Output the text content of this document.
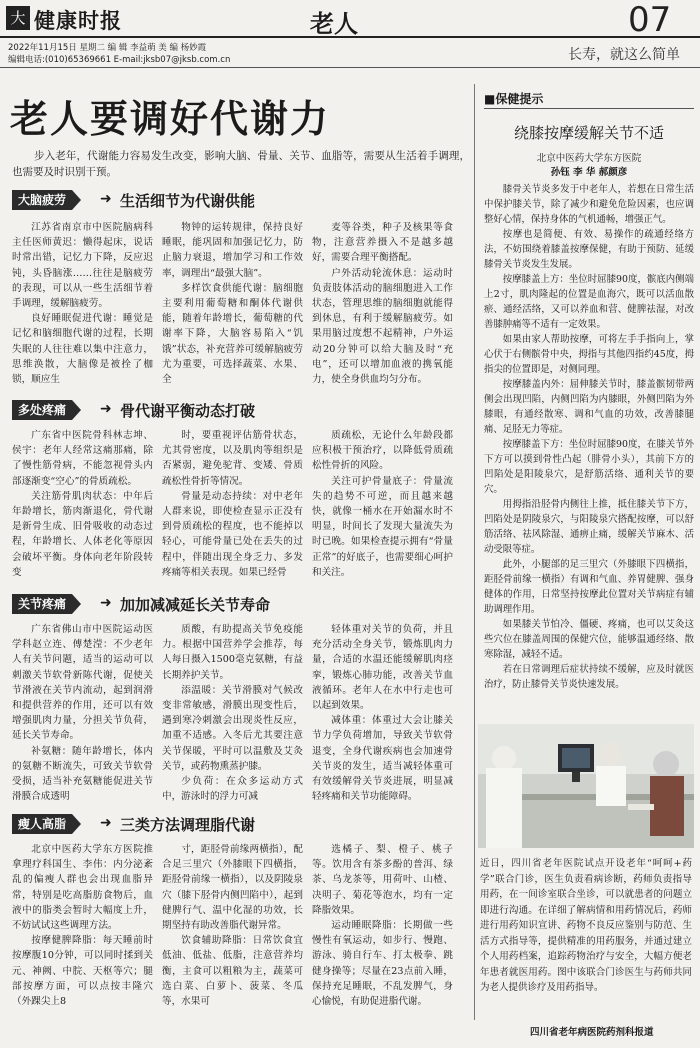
大 健康时报	老人	07
2022年11月15日 星期二 编 辑 李益萌 美 编 杨妙霞
编辑电话:(010)65369661 E-mail:jksb07@jksb.com.cn	长寿，就这么简单
老人要调好代谢力
步入老年，代谢能力容易发生改变，影响大脑、骨量、关节、血脂等，需要从生活着手调理，也需要及时识别干预。
大脑疲劳	➜ 生活细节为代谢供能
多处疼痛	➜ 骨代谢平衡动态打破
关节疼痛	➜ 加加减减延长关节寿命
瘦人高脂	➜ 三类方法调理脂代谢
江苏省南京市中医院脑病科主任医师黄迟：懒得起床，说话时常出错，记忆力下降，反应迟钝，头昏脑涨……往往是脑疲劳的表现，可以从一些生活细节着手调理，缓解脑疲劳。
良好睡眠促进代谢：睡觉是记忆和脑细胞代谢的过程，长期失眠的人往往难以集中注意力，思维涣散，大脑像是被拴了枷锁，顺应生
物钟的运转规律，保持良好睡眠，能巩固和加强记忆力，防止脑力衰退，增加学习和工作效率，调理出“最强大脑”。
多样饮食供能代谢：脑细胞主要利用葡萄糖和酮体代谢供能，随着年龄增长，葡萄糖的代谢率下降，大脑容易陷入“饥饿”状态，补充营养可缓解脑疲劳尤为重要，可选择蔬菜、水果、全
麦等谷类，种子及核果等食物，注意营养摄入不是越多越好，需要合理平衡搭配。
户外活动轮流休息：运动时负责肢体活动的脑细胞进入工作状态，管理思维的脑细胞就能得到休息，有利于缓解脑疲劳。如果用脑过度想不起精神，户外运动20分钟可以给大脑及时“充电”，还可以增加血液的携氧能力，使全身供血均匀分布。
广东省中医院骨科林志坤、侯宇：老年人经常这痛那痛，除了慢性筋骨病，不能忽视骨头内部逐渐变“空心”的骨质疏松。
关注筋骨肌肉状态：中年后年龄增长，筋肉渐退化，骨代谢是新骨生成、旧骨吸收的动态过程，年龄增长、人体老化等原因会破坏平衡。身体向老年阶段转变
时，要重视评估筋骨状态，尤其骨密度，以及肌肉等组织是否紧弱，避免驼背、变矮、骨质疏松性骨折等情况。
骨量是动态持续：对中老年人群来说，即使检查显示正没有到骨质疏松的程度，也不能掉以轻心，可能骨量已处在丢失的过程中，伴随出现全身乏力、多发疼痛等相关表现。如果已经骨
质疏松，无论什么年龄段都应积极干预治疗，以降低骨质疏松性骨折的风险。
关注可护骨量底子：骨量流失的趋势不可逆，而且越来越快，就像一桶水在开始漏水时不明显，时间长了发现大量流失为时已晚。如果检查提示拥有“骨量正常”的好底子，也需要细心呵护和关注。
广东省佛山市中医院运动医学科赵立连、傅楚滢：不少老年人有关节问题，适当的运动可以刺激关节软骨新陈代谢，促使关节滑液在关节内流动，起到润滑和提供营养的作用，还可以有效增强肌肉力量，分担关节负荷，延长关节寿命。
补氨糖：随年龄增长，体内的氨糖不断流失，可致关节软骨受损，适当补充氨糖能促进关节滑膜合成透明
质酸，有助提高关节免疫能力。根据中国营养学会推荐，每人每日摄入1500毫克氨糖，有益长期养护关节。
添温暖：关节滑膜对气候改变非常敏感，滑膜出现变性后，遇到寒冷刺激会出现炎性反应，加重不适感。入冬后尤其要注意关节保暖，平时可以温敷及艾灸关节，或药物熏蒸护膝。
少负荷：在众多运动方式中，游泳时的浮力可减
轻体重对关节的负荷，并且充分活动全身关节，锻炼肌肉力量，合适的水温还能缓解肌肉痉挛，锻炼心肺功能，改善关节血液循环。老年人在水中行走也可以起到效果。
减体重：体重过大会让膝关节力学负荷增加，导致关节软骨退变，全身代谢疾病也会加速骨关节炎的发生，适当减轻体重可有效缓解骨关节炎进展，明显减轻疼痛和关节功能障碍。
北京中医药大学东方医院推拿理疗科国生、李伟：内分泌紊乱的偏瘦人群也会出现血脂异常，特别是吃高脂肪食物后，血液中的脂类会暂时大幅度上升，不妨试试这些调理方法。
按摩健脾降脂：每天睡前时按摩腹10分钟，可以同时揉到关元、神阙、中脘、天枢等穴；腿部按摩方面，可以点按丰隆穴（外踝尖上8
寸，距胫骨前缘两横指），配合足三里穴（外膝眼下四横指，距胫骨前缘一横指），以及阴陵泉穴（膝下胫骨内侧凹陷中），起到健脾行气、温中化湿的功效，长期坚持有助改善脂代谢异常。
饮食辅助降脂：日常饮食宜低油、低盐、低脂，注意营养均衡，主食可以粗粮为主，蔬菜可选白菜、白萝卜、菠菜、冬瓜等，水果可
选橘子、梨、橙子、桃子等。饮用含有茶多酚的普洱、绿茶、乌龙茶等，用荷叶、山楂、决明子、菊花等泡水，均有一定降脂效果。
运动睡眠降脂：长期做一些慢性有氧运动，如步行、慢跑、游泳、骑自行车、打太极拳、跳健身操等；尽量在23点前入睡，保持充足睡眠，不乱发脾气，身心愉悦，有助促进脂代谢。
■保健提示
绕膝按摩缓解关节不适
北京中医药大学东方医院
孙钰 李 华 郝颜彦
膝骨关节炎多发于中老年人，若想在日常生活中保护膝关节，除了减少和避免危险因素，也应调整好心情，保持身体的气机通畅，增强正气。
按摩也是简便、有效、易操作的疏通经络方法，不妨围绕着膝盖按摩保健，有助于预防、延缓膝骨关节炎发生发展。
按摩膝盖上方：坐位时屈膝90度，髌底内侧端上2寸，肌肉隆起的位置是血海穴，既可以活血散瘀、通经活络，又可以养血和营、健脾祛湿，对改善膝肿痛等不适有一定效果。
如果由家人帮助按摩，可将左手手指向上，掌心伏于右侧髌骨中央，拇指与其他四指约45度，拇指尖的位置即是，对侧同理。
按摩膝盖内外：屈伸膝关节时，膝盖髌韧带两侧会出现凹陷，内侧凹陷为内膝眼，外侧凹陷为外膝眼，有通经散寒、调和气血的功效，改善膝腿痛、足胫无力等症。
按摩膝盖下方：坐位时屈膝90度，在膝关节外下方可以摸到骨性凸起（腓骨小头），其前下方的凹陷处是阳陵泉穴，是舒筋活络、通利关节的要穴。
用拇指沿胫骨内侧往上推，抵住膝关节下方，凹陷处是阴陵泉穴，与阳陵泉穴搭配按摩，可以舒筋活络、祛风除湿、通痹止痛，缓解关节麻木、活动受限等症。
此外，小腿部的足三里穴（外膝眼下四横指，距胫骨前缘一横指）有调和气血、养胃健脾、强身健体的作用，日常坚持按摩此位置对关节病症有辅助调理作用。
如果膝关节怕冷、僵硬、疼痛，也可以艾灸这些穴位在膝盖周围的保健穴位，能够温通经络、散寒除湿，减轻不适。
若在日常调理后症状持续不缓解，应及时就医治疗，防止膝骨关节炎快速发展。
近日，四川省老年医院试点开设老年“呵呵+药学”联合门诊，医生负责看病诊断，药师负责指导用药，在一间诊室联合坐诊，可以就患者的问题立即进行沟通。在详细了解病情和用药情况后，药师进行用药知识宣讲、药物不良反应鉴别与防范、生活方式指导等，提供精准的用药服务，并通过建立个人用药档案，追踪药物治疗与安全，大幅方便老年患者就医用药。图中该联合门诊医生与药师共同为老人提供诊疗及用药指导。
四川省老年病医院药剂科报道
